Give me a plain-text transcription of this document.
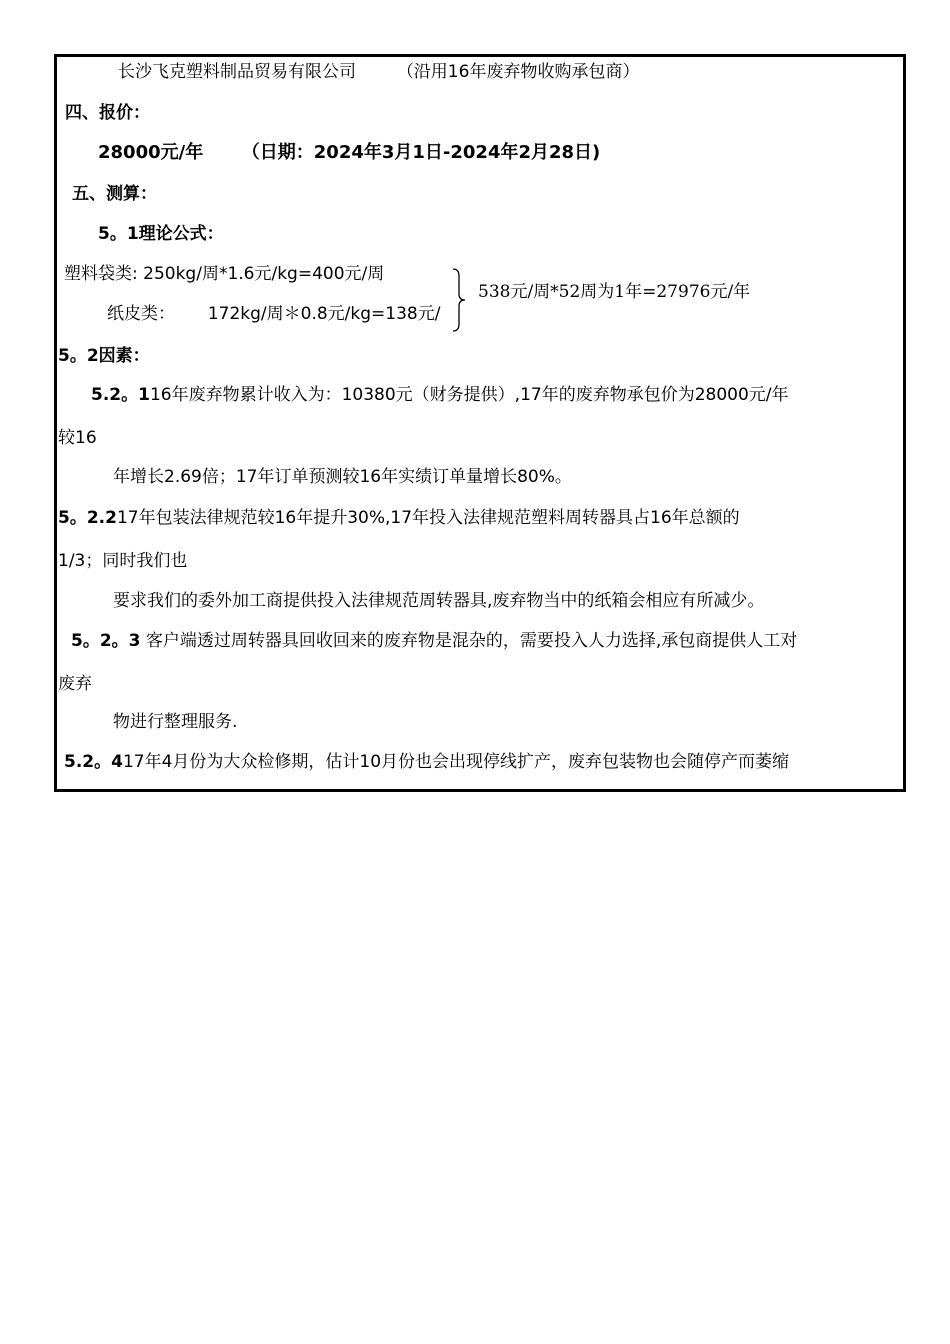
长沙飞克塑料制品贸易有限公司 （沿用16年废弃物收购承包商）
四、报价：
28000元/年 （日期：2024年3月1日-2024年2月28日)
五、测算：
5。1理论公式：
塑料袋类: 250kg/周*1.6元/kg=400元/周
纸皮类： 172kg/周＊0.8元/kg=138元/
538元/周*52周为1年=27976元/年
5。2因素：
5.2。116年废弃物累计收入为：10380元（财务提供）,17年的废弃物承包价为28000元/年
较16
年增长2.69倍；17年订单预测较16年实绩订单量增长80%。
5。2.217年包装法律规范较16年提升30%,17年投入法律规范塑料周转器具占16年总额的
1/3；同时我们也
要求我们的委外加工商提供投入法律规范周转器具,废弃物当中的纸箱会相应有所减少。
5。2。3 客户端透过周转器具回收回来的废弃物是混杂的，需要投入人力选择,承包商提供人工对
废弃
物进行整理服务.
5.2。417年4月份为大众检修期，估计10月份也会出现停线扩产，废弃包装物也会随停产而萎缩
